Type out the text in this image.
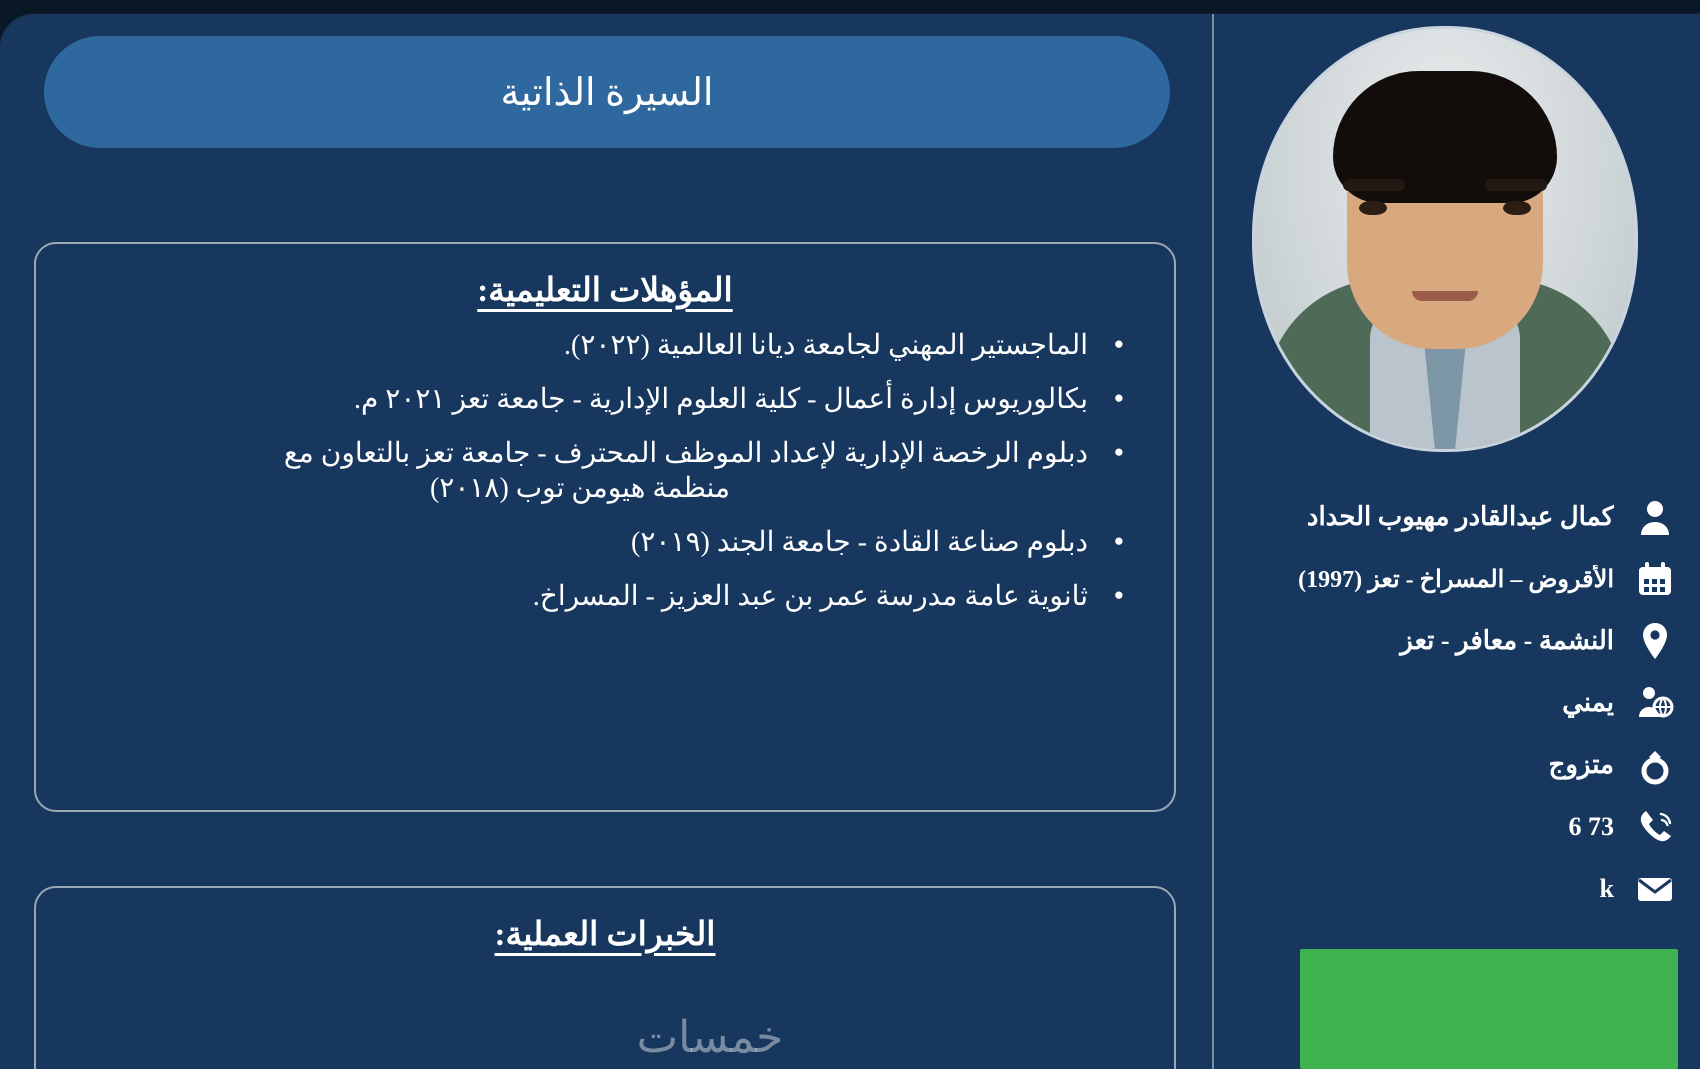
السيرة الذاتية
المؤهلات التعليمية:
● الماجستير المهني لجامعة ديانا العالمية (٢٠٢٢).
● بكالوريوس إدارة أعمال - كلية العلوم الإدارية - جامعة تعز ٢٠٢١ م.
● دبلوم الرخصة الإدارية لإعداد الموظف المحترف - جامعة تعز بالتعاون مع
منظمة هيومن توب (٢٠١٨)
● دبلوم صناعة القادة - جامعة الجند (٢٠١٩)
● ثانوية عامة مدرسة عمر بن عبد العزيز - المسراخ.
الخبرات العملية:
خمسات
كمال عبدالقادر مهيوب الحداد
الأقروض – المسراخ - تعز (1997)
النشمة - معافر - تعز
يمني
متزوج
73 6
k
